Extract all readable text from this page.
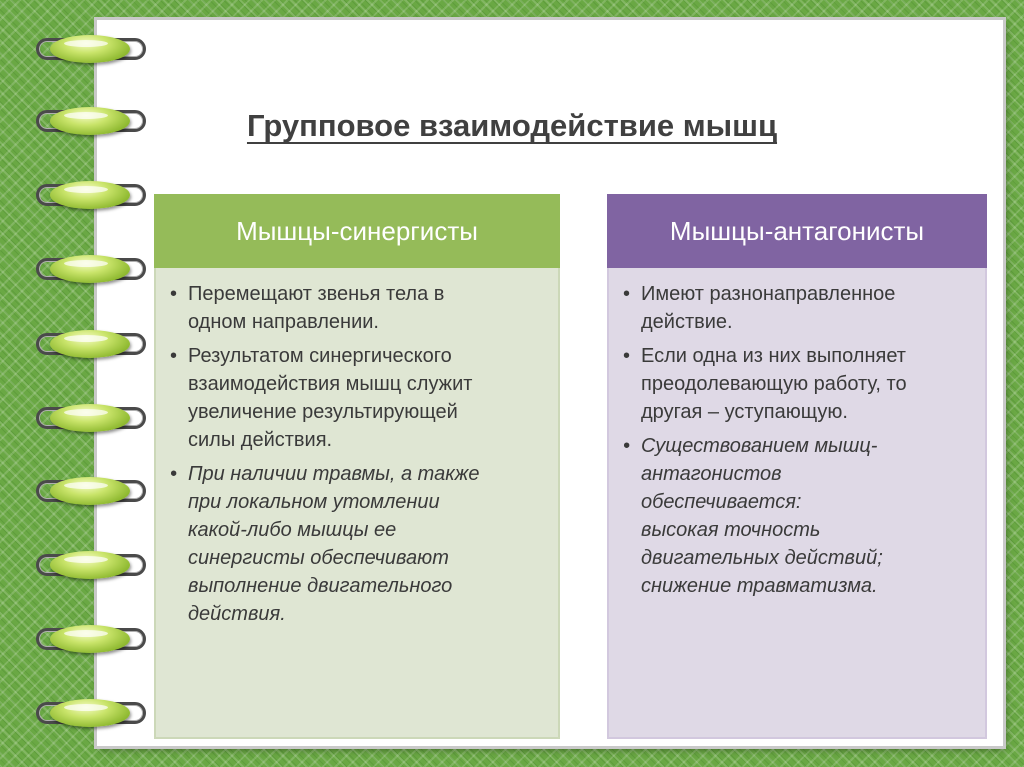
Групповое взаимодействие мышц
Мышцы-синергисты
• Перемещают звенья тела в
одном направлении.
• Результатом синергического
взаимодействия мышц служит
увеличение результирующей
силы действия.
• При наличии травмы, а также
при локальном утомлении
какой-либо мышцы ее
синергисты обеспечивают
выполнение двигательного
действия.
Мышцы-антагонисты
• Имеют разнонаправленное
действие.
• Если одна из них выполняет
преодолевающую работу, то
другая – уступающую.
• Существованием мышц-
антагонистов
обеспечивается:
высокая точность
двигательных действий;
снижение травматизма.
